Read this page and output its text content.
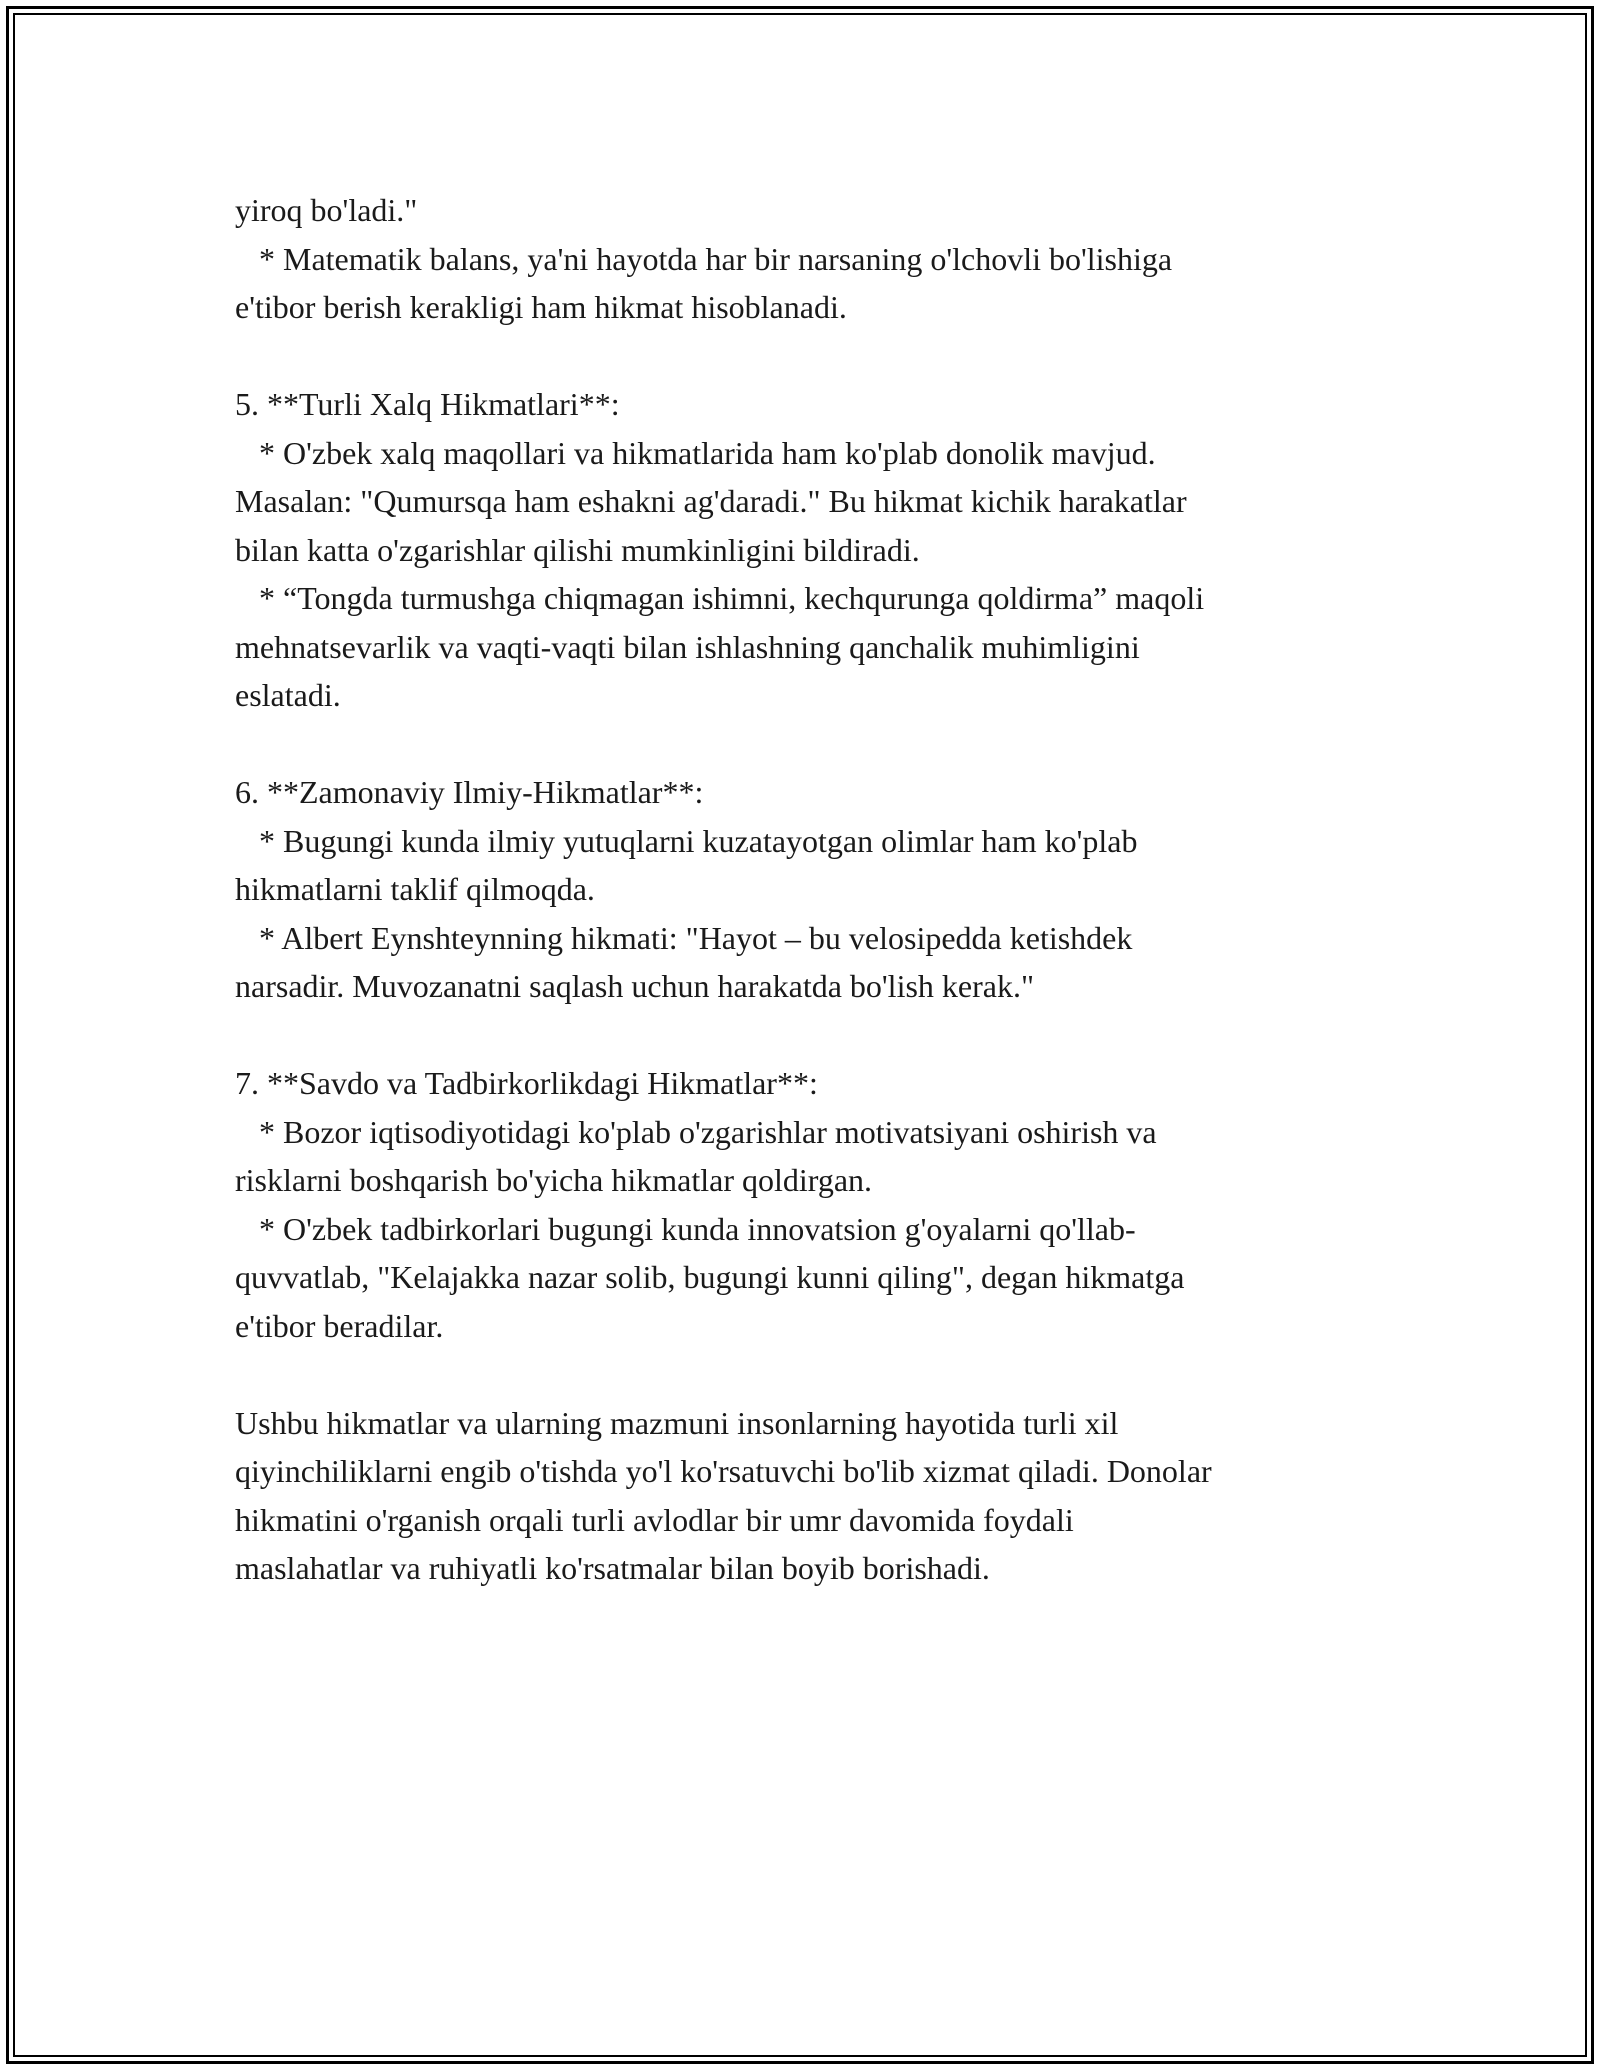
yiroq bo'ladi."
* Matematik balans, ya'ni hayotda har bir narsaning o'lchovli bo'lishiga
e'tibor berish kerakligi ham hikmat hisoblanadi.
5. **Turli Xalq Hikmatlari**:
* O'zbek xalq maqollari va hikmatlarida ham ko'plab donolik mavjud.
Masalan: "Qumursqa ham eshakni ag'daradi." Bu hikmat kichik harakatlar
bilan katta o'zgarishlar qilishi mumkinligini bildiradi.
* “Tongda turmushga chiqmagan ishimni, kechqurunga qoldirma” maqoli
mehnatsevarlik va vaqti-vaqti bilan ishlashning qanchalik muhimligini
eslatadi.
6. **Zamonaviy Ilmiy-Hikmatlar**:
* Bugungi kunda ilmiy yutuqlarni kuzatayotgan olimlar ham ko'plab
hikmatlarni taklif qilmoqda.
* Albert Eynshteynning hikmati: "Hayot – bu velosipedda ketishdek
narsadir. Muvozanatni saqlash uchun harakatda bo'lish kerak."
7. **Savdo va Tadbirkorlikdagi Hikmatlar**:
* Bozor iqtisodiyotidagi ko'plab o'zgarishlar motivatsiyani oshirish va
risklarni boshqarish bo'yicha hikmatlar qoldirgan.
* O'zbek tadbirkorlari bugungi kunda innovatsion g'oyalarni qo'llab-
quvvatlab, "Kelajakka nazar solib, bugungi kunni qiling", degan hikmatga
e'tibor beradilar.
Ushbu hikmatlar va ularning mazmuni insonlarning hayotida turli xil
qiyinchiliklarni engib o'tishda yo'l ko'rsatuvchi bo'lib xizmat qiladi. Donolar
hikmatini o'rganish orqali turli avlodlar bir umr davomida foydali
maslahatlar va ruhiyatli ko'rsatmalar bilan boyib borishadi.
